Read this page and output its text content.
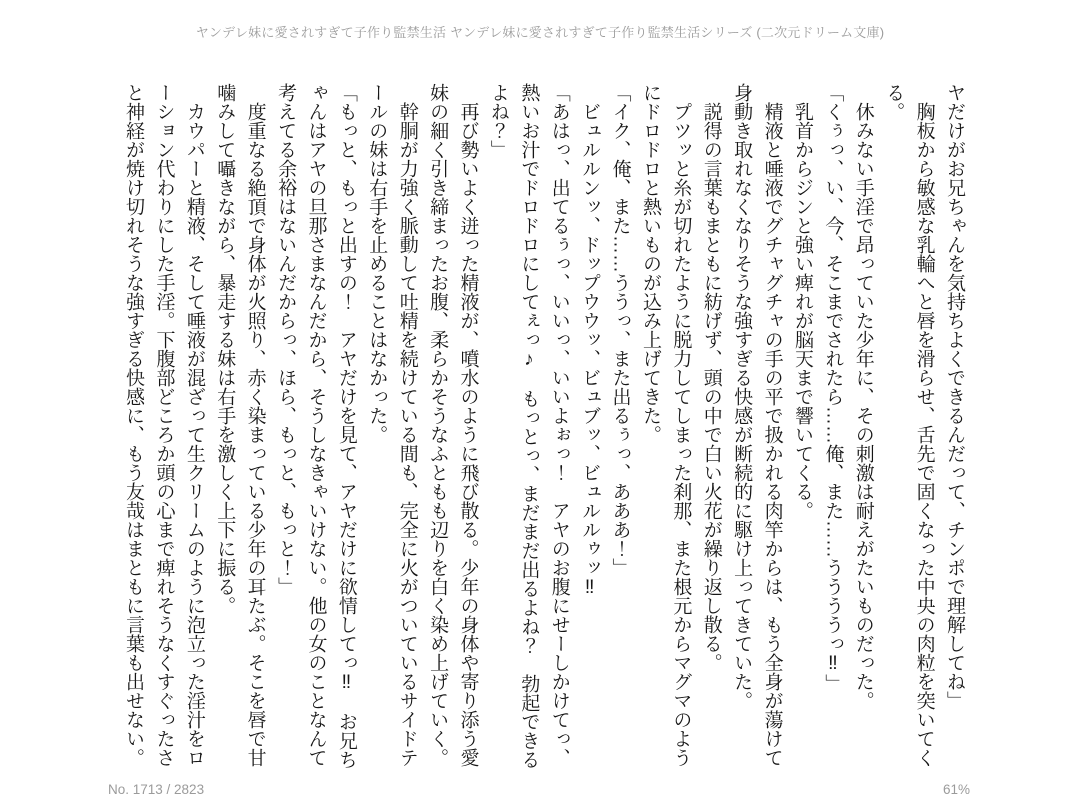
ヤンデレ妹に愛されすぎて子作り監禁生活 ヤンデレ妹に愛されすぎて子作り監禁生活シリーズ (二次元ドリーム文庫)
ヤだけがお兄ちゃんを気持ちよくできるんだって、チンポで理解してね」
　胸板から敏感な乳輪へと唇を滑らせ、舌先で固くなった中央の肉粒を突いてく
る。
　休みない手淫で昂っていた少年に、その刺激は耐えがたいものだった。
「くぅっ、い、今、そこまでされたら……俺、また……ううううっ‼」
　乳首からジンと強い痺れが脳天まで響いてくる。
　精液と唾液でグチャグチャの手の平で扱かれる肉竿からは、もう全身が蕩けて
身動き取れなくなりそうな強すぎる快感が断続的に駆け上ってきていた。
　説得の言葉もまともに紡げず、頭の中で白い火花が繰り返し散る。
　プツッと糸が切れたように脱力してしまった刹那、また根元からマグマのよう
にドロドロと熱いものが込み上げてきた。
「イク、俺、また……ううっ、また出るぅっ、あああ！」
　ビュルルンッ、ドップウウッ、ビュブッ、ビュルルゥッ‼
「あはっ、出てるぅっ、いいっ、いいよぉっ！　アヤのお腹にせーしかけてっ、
熱いお汁でドロドロにしてぇっ♪　もっとっ、まだまだ出るよね？　勃起できる
よね？」
　再び勢いよく迸った精液が、噴水のように飛び散る。少年の身体や寄り添う愛
妹の細く引き締まったお腹、柔らかそうなふともも辺りを白く染め上げていく。
　幹胴が力強く脈動して吐精を続けている間も、完全に火がついているサイドテ
ールの妹は右手を止めることはなかった。
「もっと、もっと出すの！　アヤだけを見て、アヤだけに欲情してっ‼　お兄ち
ゃんはアヤの旦那さまなんだから、そうしなきゃいけない。他の女のことなんて
考えてる余裕はないんだからっ、ほら、もっと、もっと！」
　度重なる絶頂で身体が火照り、赤く染まっている少年の耳たぶ。そこを唇で甘
噛みして囁きながら、暴走する妹は右手を激しく上下に振る。
　カウパーと精液、そして唾液が混ざって生クリームのように泡立った淫汁をロ
ーション代わりにした手淫。下腹部どころか頭の心まで痺れそうなくすぐったさ
と神経が焼け切れそうな強すぎる快感に、もう友哉はまともに言葉も出せない。
No. 1713 / 2823	61%
